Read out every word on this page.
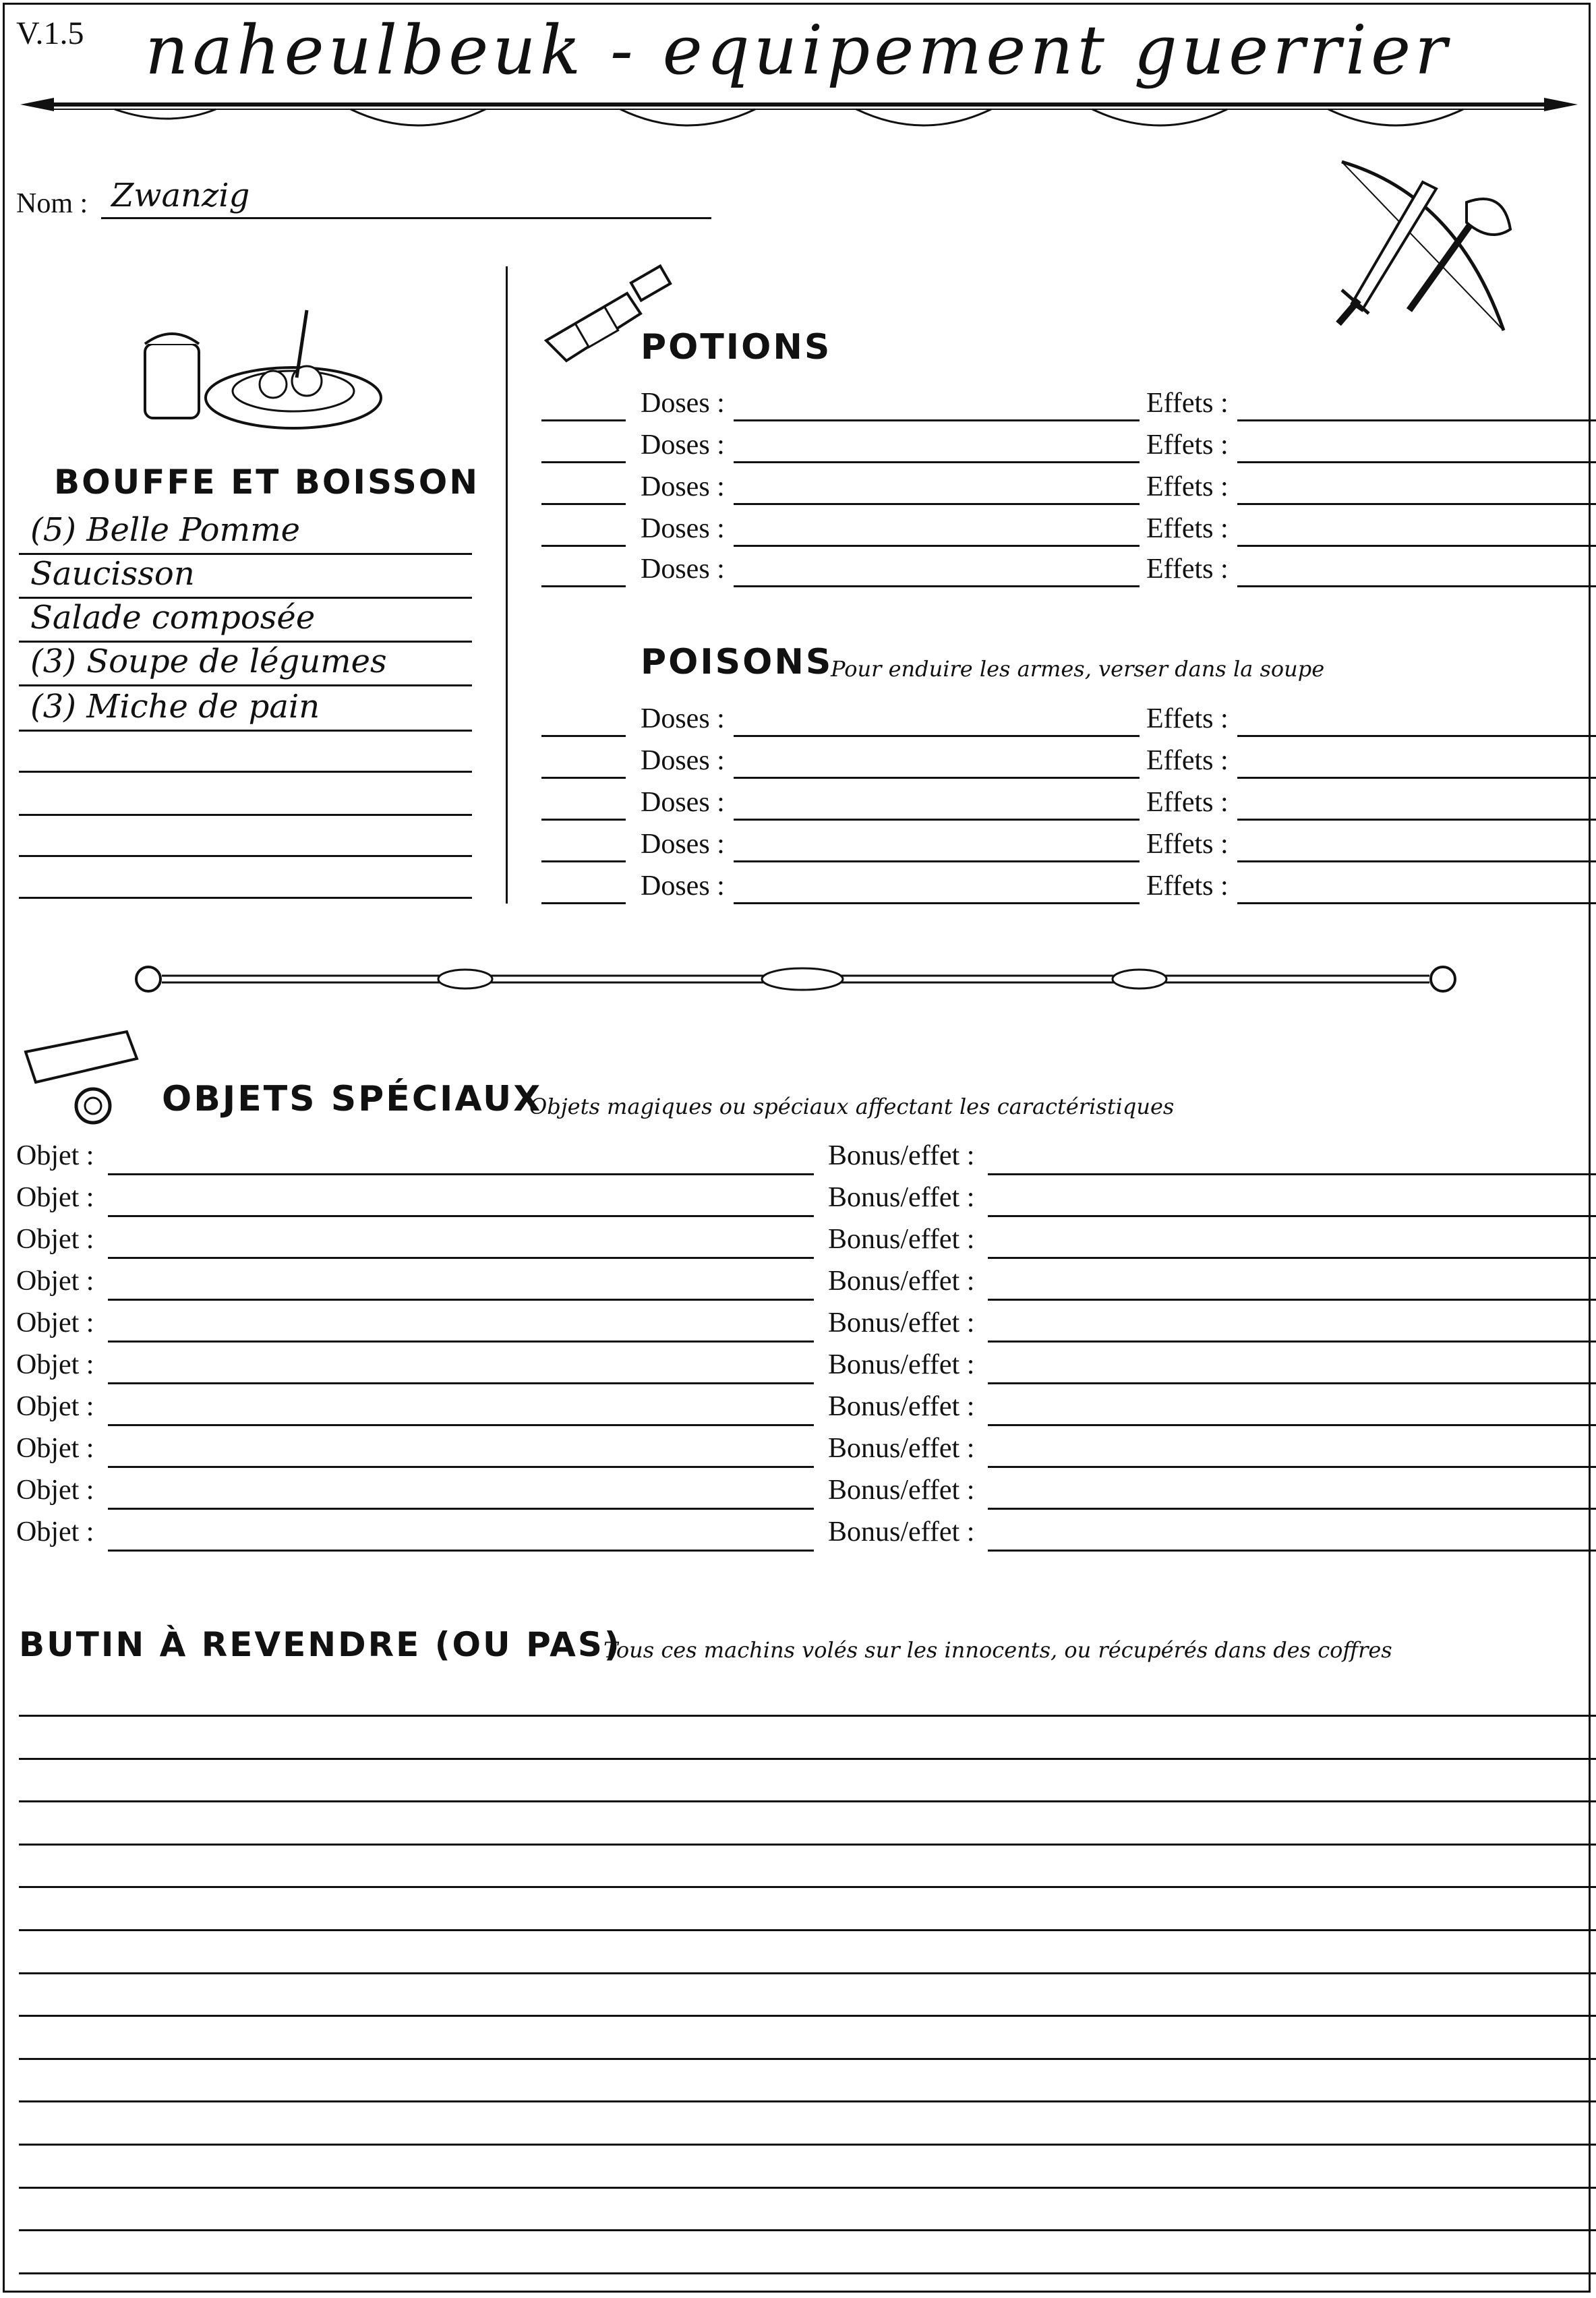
V.1.5 naheulbeuk - equipement guerrier
Nom : Zwanzig
BOUFFE ET BOISSON
(5) Belle Pomme
Saucisson
Salade composée
(3) Soupe de légumes
(3) Miche de pain
POTIONS
Doses :	Effets :
Doses :	Effets :
Doses :	Effets :
Doses :	Effets :
Doses :	Effets :
POISONS
Pour enduire les armes, verser dans la soupe
Doses :	Effets :
Doses :	Effets :
Doses :	Effets :
Doses :	Effets :
Doses :	Effets :
OBJETS SPÉCIAUX
Objets magiques ou spéciaux affectant les caractéristiques
Objet :	Bonus/effet :
Objet :	Bonus/effet :
Objet :	Bonus/effet :
Objet :	Bonus/effet :
Objet :	Bonus/effet :
Objet :	Bonus/effet :
Objet :	Bonus/effet :
Objet :	Bonus/effet :
Objet :	Bonus/effet :
Objet :	Bonus/effet :
BUTIN À REVENDRE (OU PAS)
Tous ces machins volés sur les innocents, ou récupérés dans des coffres
